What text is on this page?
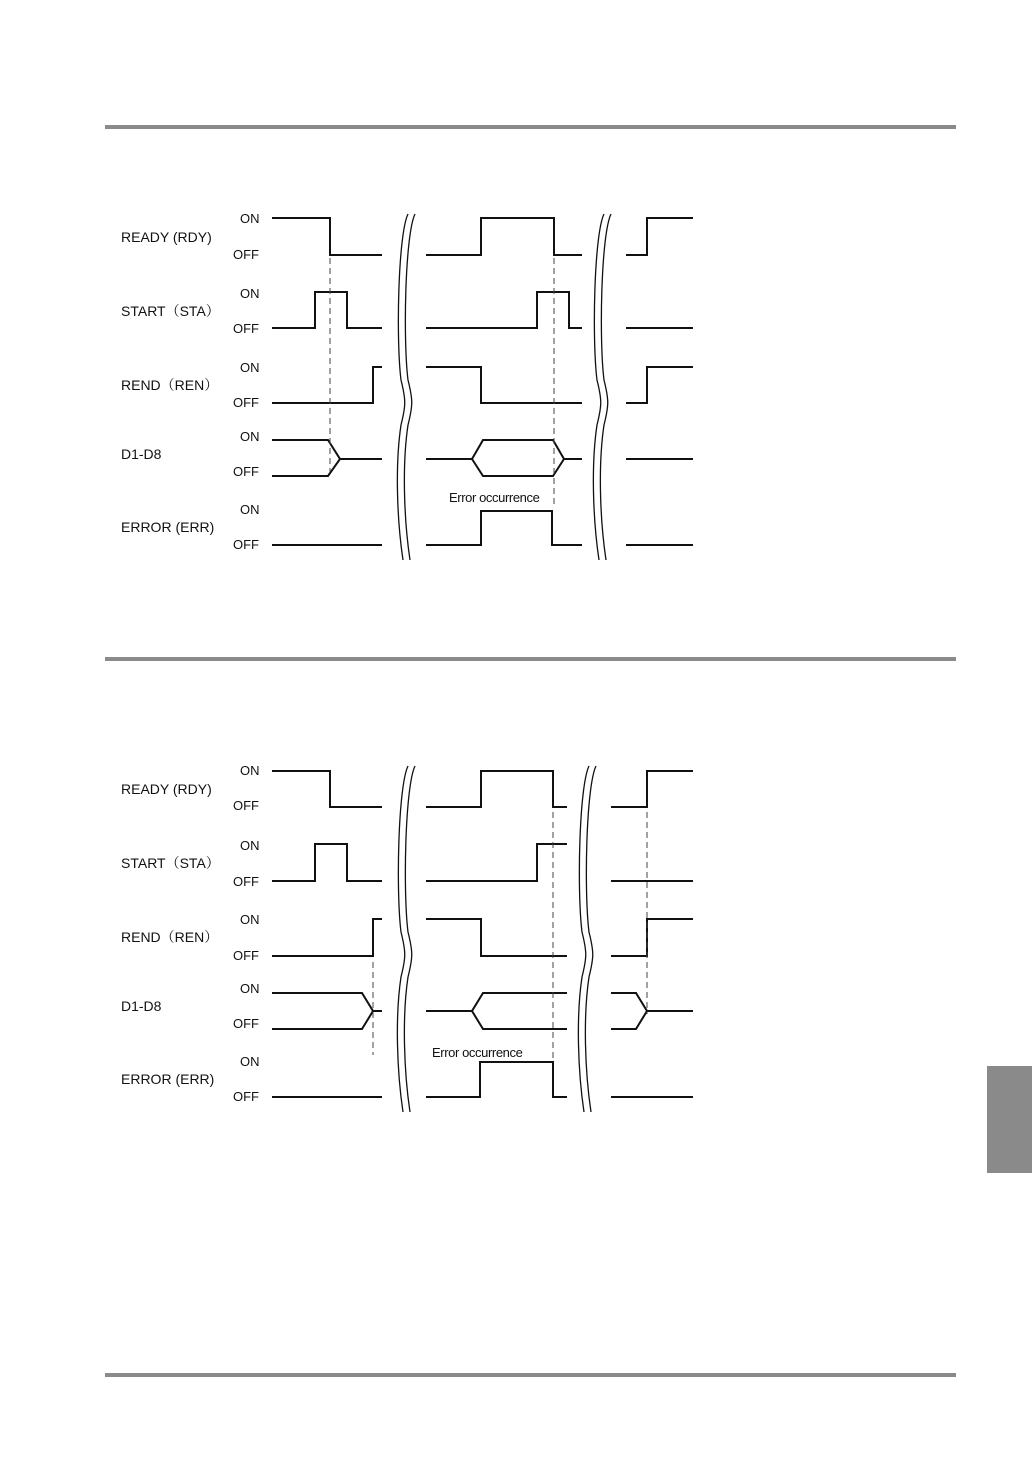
READY (RDY)
START（STA）
REND（REN）
D1-D8
ERROR (ERR)
ON
OFF
ON
OFF
ON
OFF
ON
OFF
ON
OFF
Error occurrence
READY (RDY)
START（STA）
REND（REN）
D1-D8
ERROR (ERR)
ON
OFF
ON
OFF
ON
OFF
ON
OFF
ON
OFF
Error occurrence
